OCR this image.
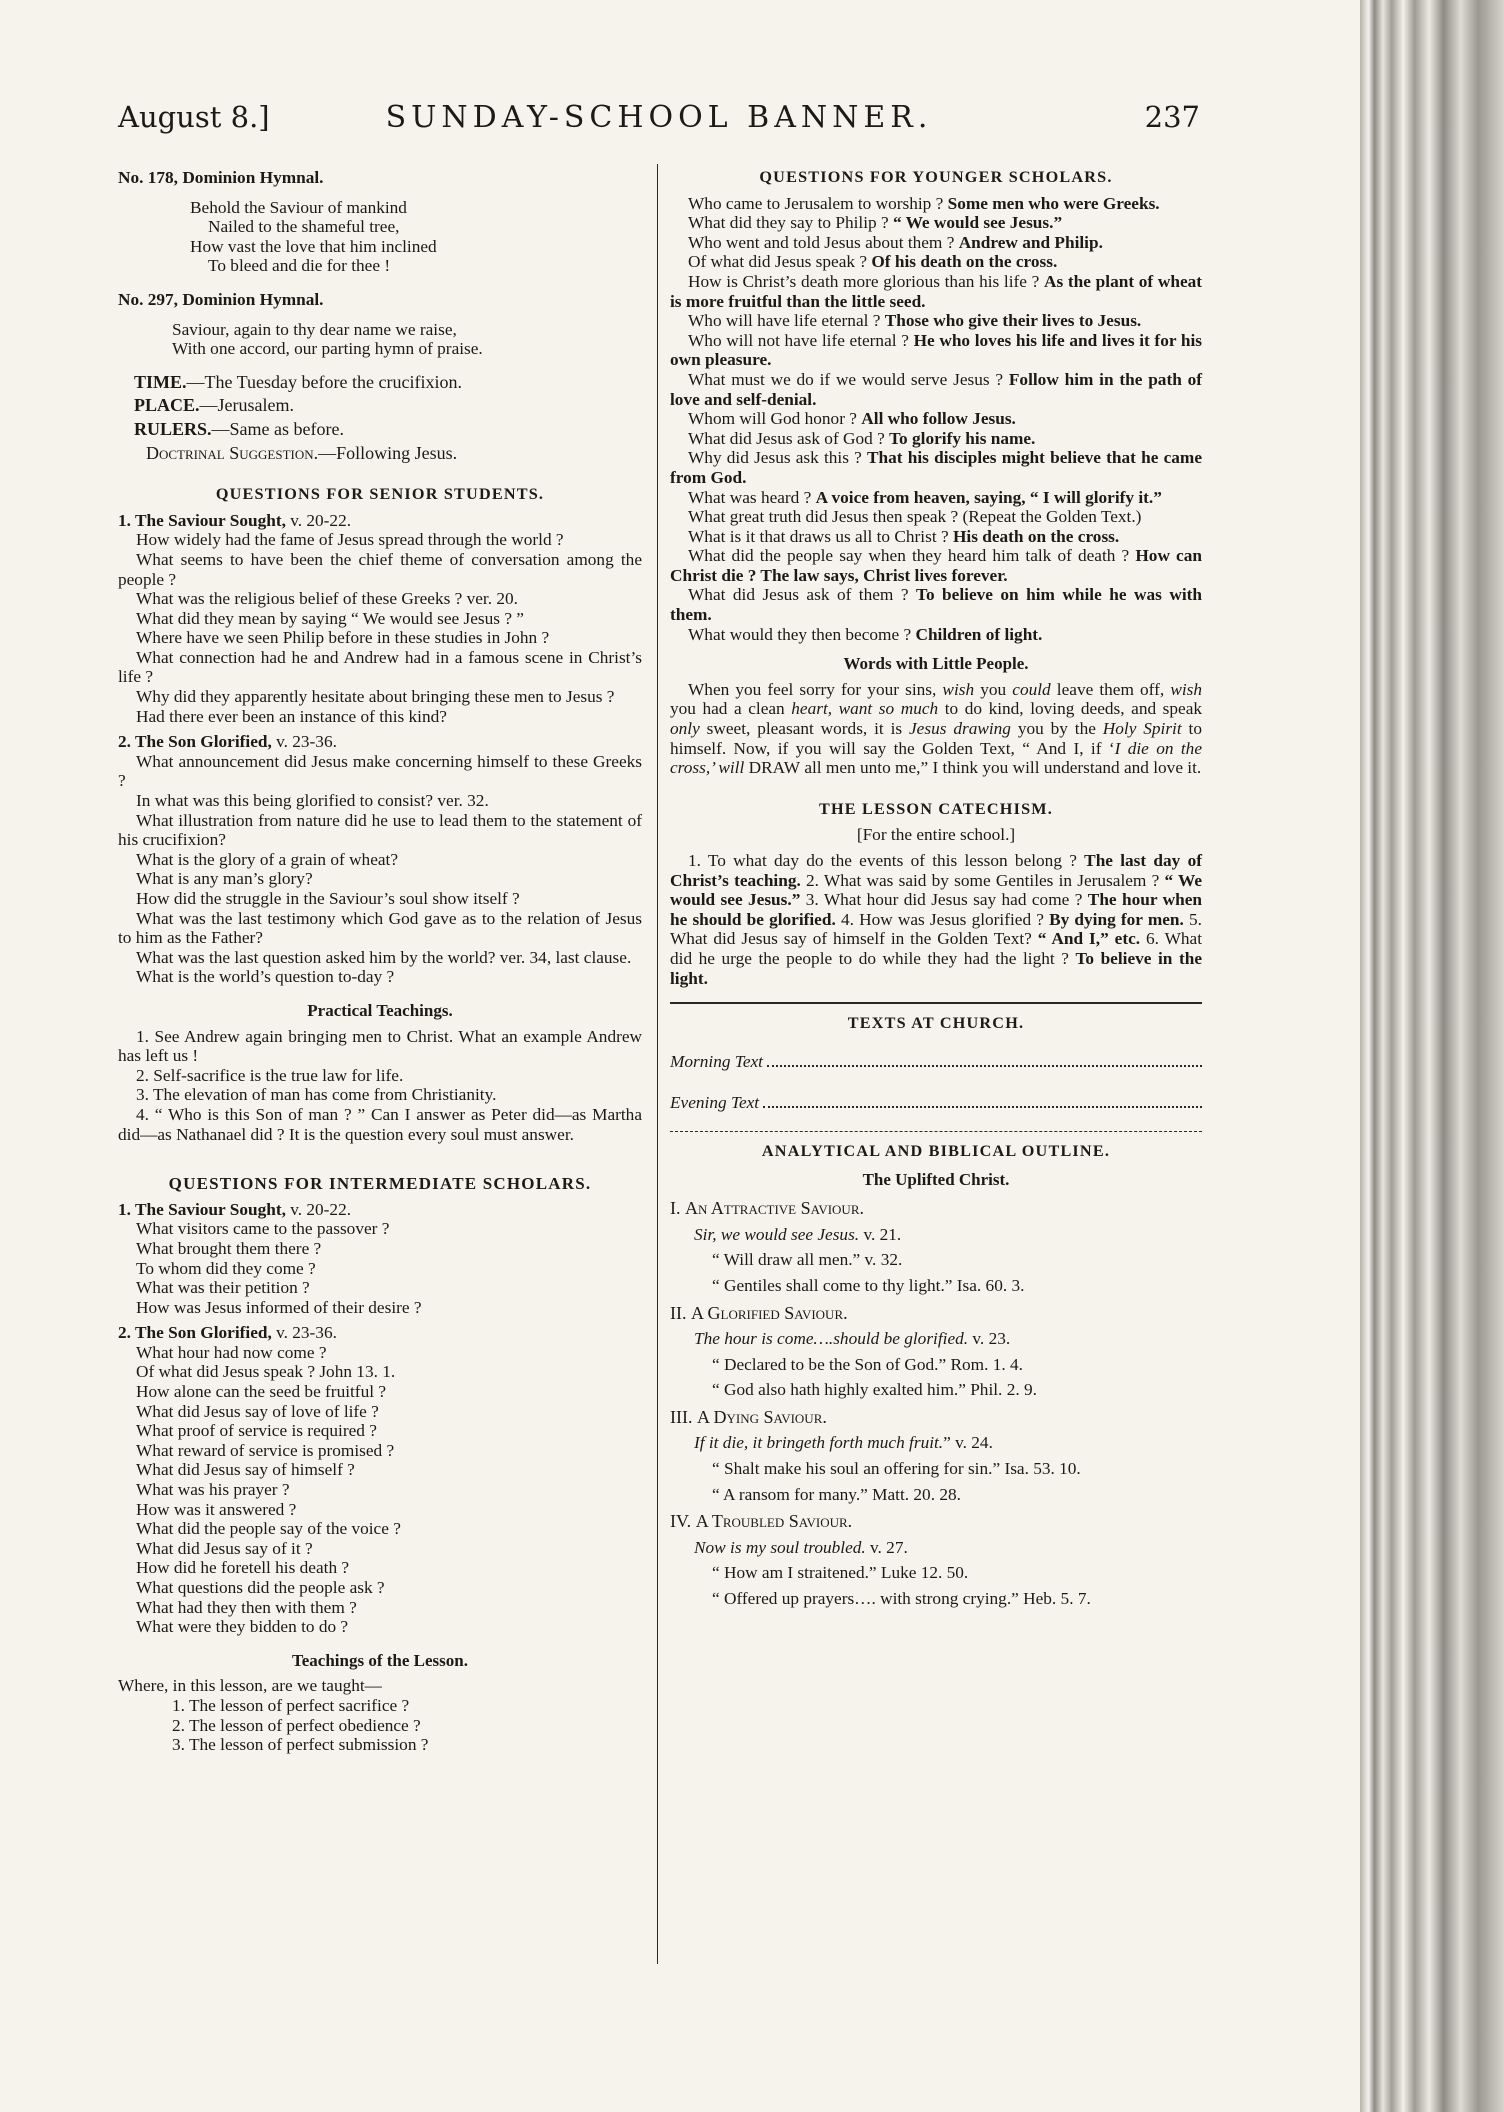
August 8.]	SUNDAY-SCHOOL BANNER.	237

No. 178, Dominion Hymnal.

Behold the Saviour of mankind

Nailed to the shameful tree,

How vast the love that him inclined

To bleed and die for thee !

No. 297, Dominion Hymnal.

Saviour, again to thy dear name we raise,

With one accord, our parting hymn of praise.

TIME.—The Tuesday before the crucifixion.

PLACE.—Jerusalem.

RULERS.—Same as before.

Doctrinal Suggestion.—Following Jesus.

QUESTIONS FOR SENIOR STUDENTS.

1. The Saviour Sought, v. 20-22.

How widely had the fame of Jesus spread through the world ?

What seems to have been the chief theme of conversation among the people ?

What was the religious belief of these Greeks ? ver. 20.

What did they mean by saying “ We would see Jesus ? ”

Where have we seen Philip before in these studies in John ?

What connection had he and Andrew had in a famous scene in Christ’s life ?

Why did they apparently hesitate about bringing these men to Jesus ?

Had there ever been an instance of this kind?

2. The Son Glorified, v. 23-36.

What announcement did Jesus make concerning himself to these Greeks ?

In what was this being glorified to consist? ver. 32.

What illustration from nature did he use to lead them to the statement of his crucifixion?

What is the glory of a grain of wheat?

What is any man’s glory?

How did the struggle in the Saviour’s soul show itself ?

What was the last testimony which God gave as to the relation of Jesus to him as the Father?

What was the last question asked him by the world? ver. 34, last clause.

What is the world’s question to-day ?

Practical Teachings.

1. See Andrew again bringing men to Christ. What an example Andrew has left us !

2. Self-sacrifice is the true law for life.

3. The elevation of man has come from Christianity.

4. “ Who is this Son of man ? ” Can I answer as Peter did—as Martha did—as Nathanael did ? It is the question every soul must answer.

QUESTIONS FOR INTERMEDIATE SCHOLARS.

1. The Saviour Sought, v. 20-22.

What visitors came to the passover ?

What brought them there ?

To whom did they come ?

What was their petition ?

How was Jesus informed of their desire ?

2. The Son Glorified, v. 23-36.

What hour had now come ?

Of what did Jesus speak ? John 13. 1.

How alone can the seed be fruitful ?

What did Jesus say of love of life ?

What proof of service is required ?

What reward of service is promised ?

What did Jesus say of himself ?

What was his prayer ?

How was it answered ?

What did the people say of the voice ?

What did Jesus say of it ?

How did he foretell his death ?

What questions did the people ask ?

What had they then with them ?

What were they bidden to do ?

Teachings of the Lesson.

Where, in this lesson, are we taught—

1. The lesson of perfect sacrifice ?

2. The lesson of perfect obedience ?

3. The lesson of perfect submission ?

QUESTIONS FOR YOUNGER SCHOLARS.

Who came to Jerusalem to worship ? Some men who were Greeks.

What did they say to Philip ? “ We would see Jesus.”

Who went and told Jesus about them ? Andrew and Philip.

Of what did Jesus speak ? Of his death on the cross.

How is Christ’s death more glorious than his life ? As the plant of wheat is more fruitful than the little seed.

Who will have life eternal ? Those who give their lives to Jesus.

Who will not have life eternal ? He who loves his life and lives it for his own pleasure.

What must we do if we would serve Jesus ? Follow him in the path of love and self-denial.

Whom will God honor ? All who follow Jesus.

What did Jesus ask of God ? To glorify his name.

Why did Jesus ask this ? That his disciples might believe that he came from God.

What was heard ? A voice from heaven, saying, “ I will glorify it.”

What great truth did Jesus then speak ? (Repeat the Golden Text.)

What is it that draws us all to Christ ? His death on the cross.

What did the people say when they heard him talk of death ? How can Christ die ? The law says, Christ lives forever.

What did Jesus ask of them ? To believe on him while he was with them.

What would they then become ? Children of light.

Words with Little People.

When you feel sorry for your sins, wish you could leave them off, wish you had a clean heart, want so much to do kind, loving deeds, and speak only sweet, pleasant words, it is Jesus drawing you by the Holy Spirit to himself. Now, if you will say the Golden Text, “ And I, if ‘I die on the cross,’ will DRAW all men unto me,” I think you will understand and love it.

THE LESSON CATECHISM.

[For the entire school.]

1. To what day do the events of this lesson belong ? The last day of Christ’s teaching. 2. What was said by some Gentiles in Jerusalem ? “ We would see Jesus.” 3. What hour did Jesus say had come ? The hour when he should be glorified. 4. How was Jesus glorified ? By dying for men. 5. What did Jesus say of himself in the Golden Text? “ And I,” etc. 6. What did he urge the people to do while they had the light ? To believe in the light.

TEXTS AT CHURCH.

Morning Text
Evening Text

ANALYTICAL AND BIBLICAL OUTLINE.

The Uplifted Christ.

I. An Attractive Saviour.

Sir, we would see Jesus. v. 21.

“ Will draw all men.” v. 32.

“ Gentiles shall come to thy light.” Isa. 60. 3.

II. A Glorified Saviour.

The hour is come….should be glorified. v. 23.

“ Declared to be the Son of God.” Rom. 1. 4.

“ God also hath highly exalted him.” Phil. 2. 9.

III. A Dying Saviour.

If it die, it bringeth forth much fruit.” v. 24.

“ Shalt make his soul an offering for sin.” Isa. 53. 10.

“ A ransom for many.” Matt. 20. 28.

IV. A Troubled Saviour.

Now is my soul troubled. v. 27.

“ How am I straitened.” Luke 12. 50.

“ Offered up prayers…. with strong crying.” Heb. 5. 7.
